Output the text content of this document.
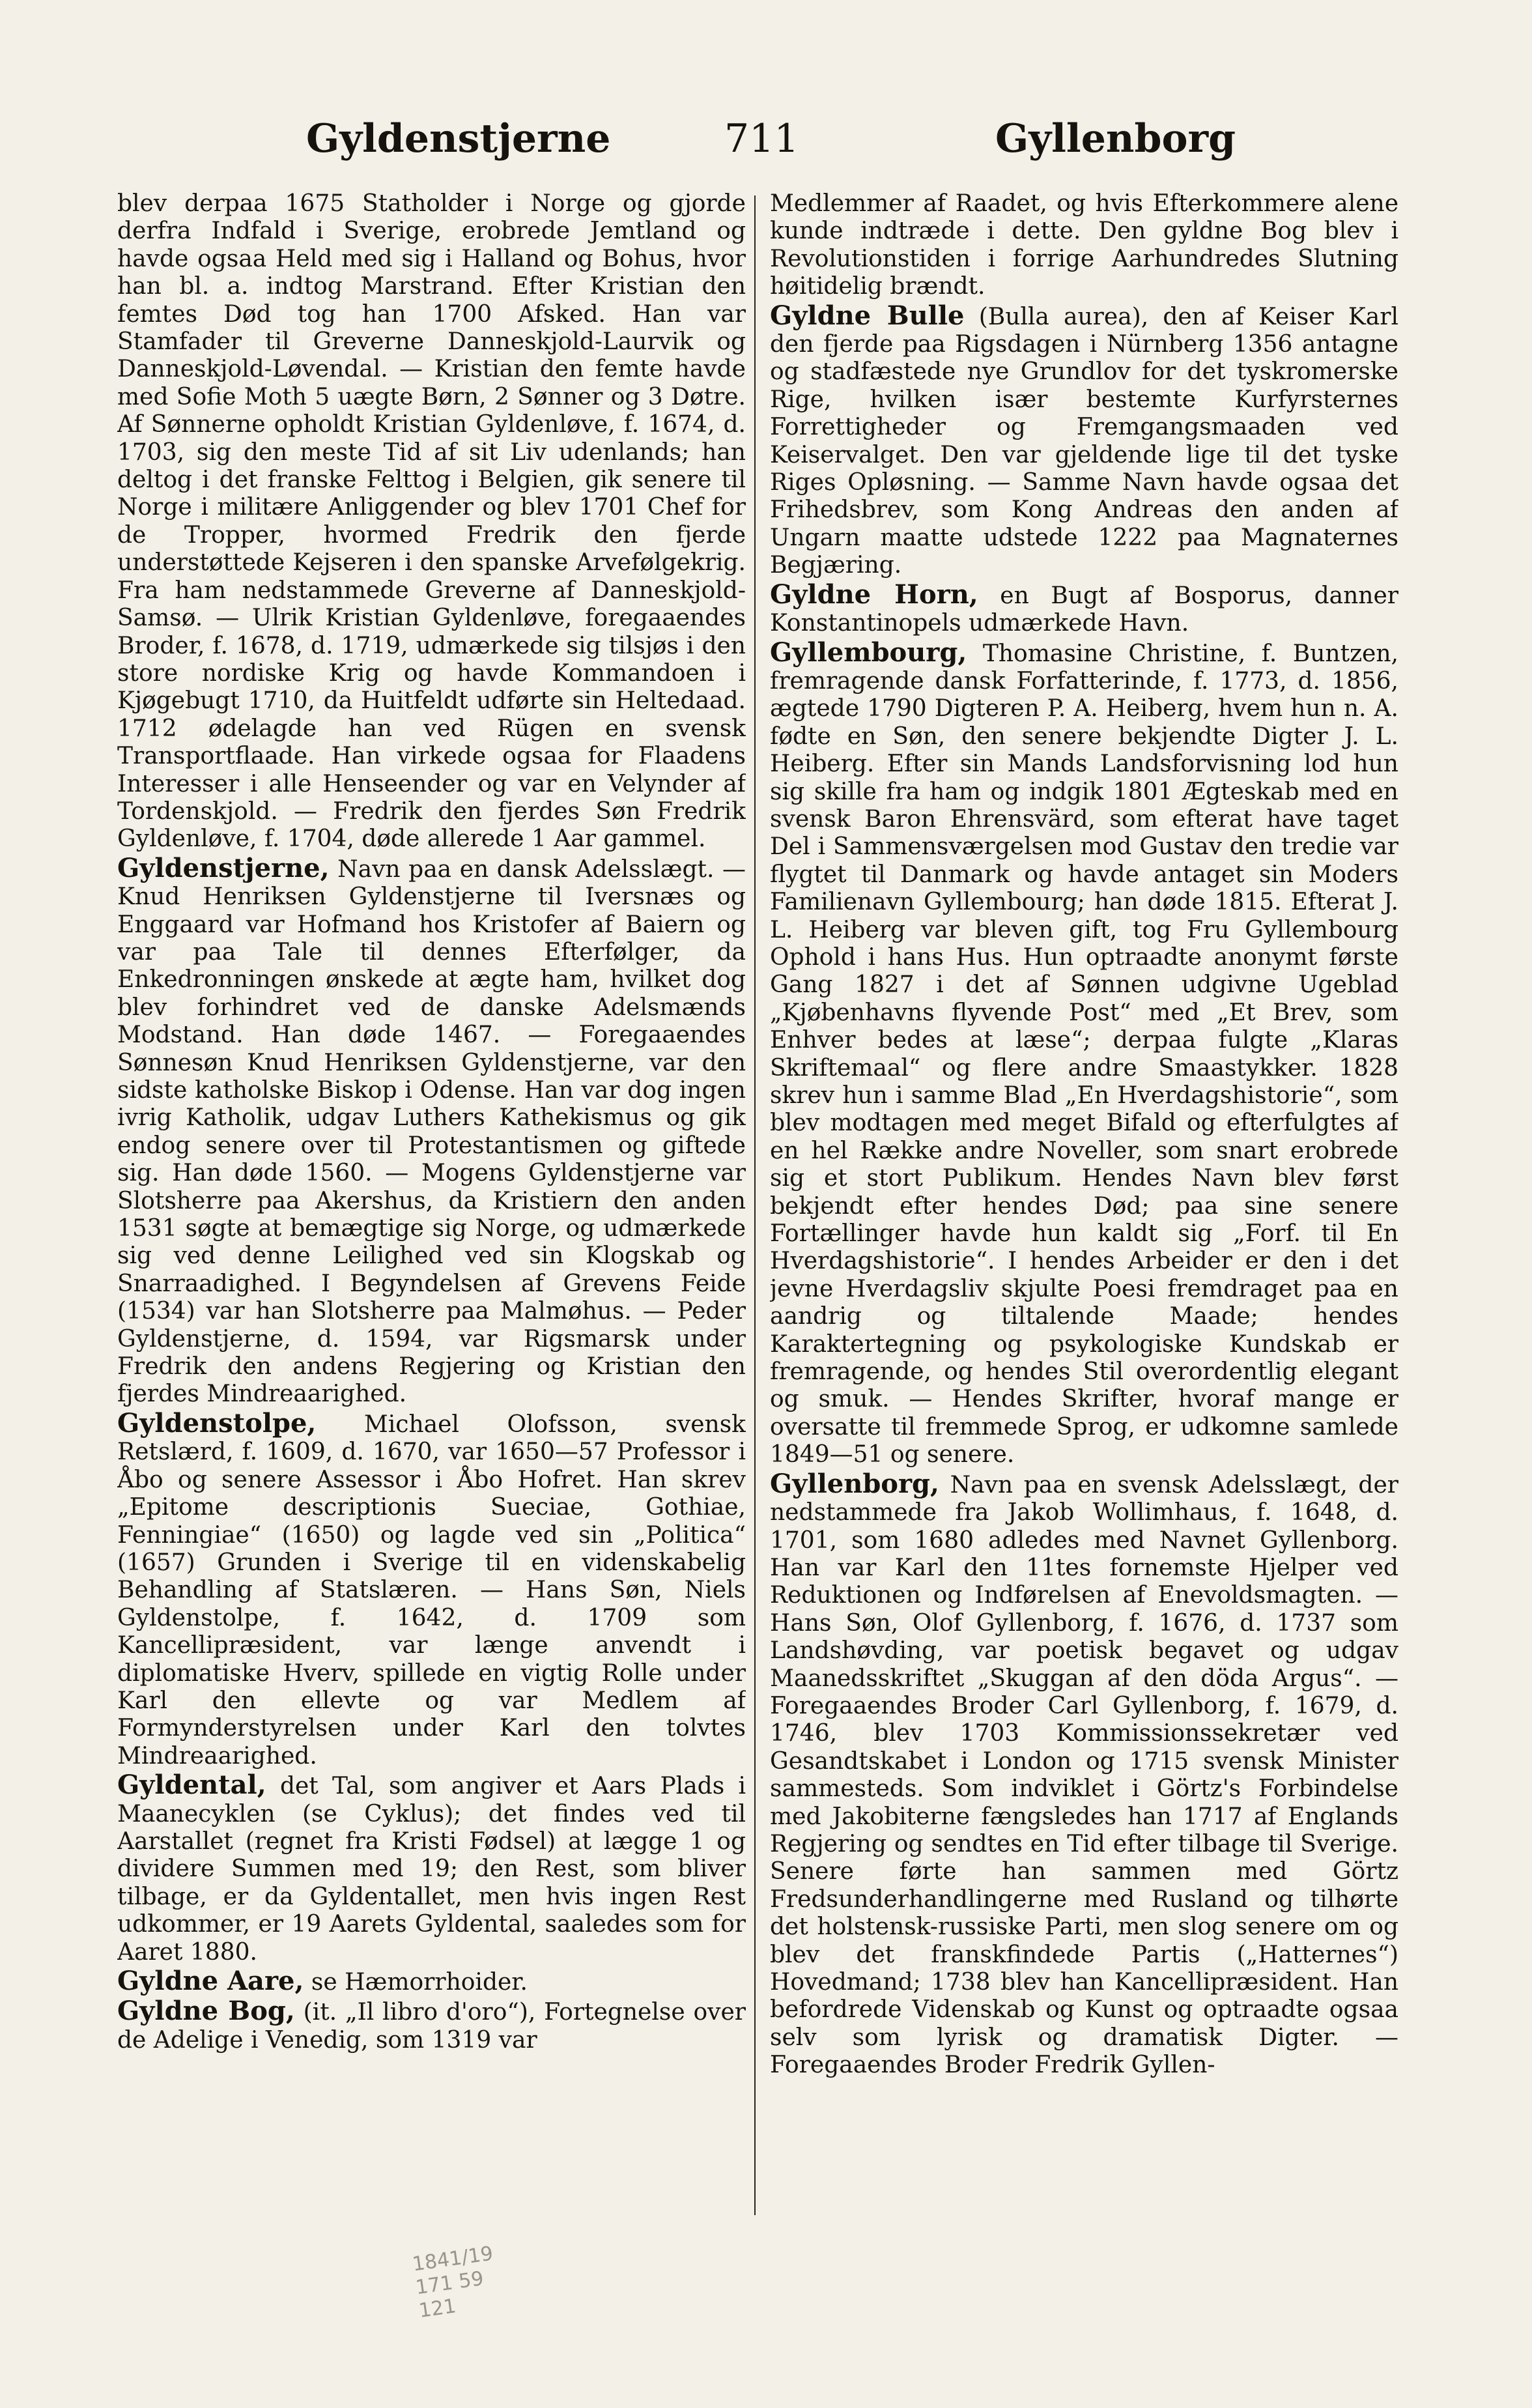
Gyldenstjerne	711	Gyllenborg

blev derpaa 1675 Statholder i Norge og gjorde derfra Indfald i Sverige, erobrede Jemtland og havde ogsaa Held med sig i Halland og Bohus, hvor han bl. a. indtog Marstrand. Efter Kristian den femtes Død tog han 1700 Afsked. Han var Stamfader til Greverne Danneskjold-Laurvik og Danneskjold-Løvendal. — Kristian den femte havde med Sofie Moth 5 uægte Børn, 2 Sønner og 3 Døtre. Af Sønnerne opholdt Kristian Gyldenløve, f. 1674, d. 1703, sig den meste Tid af sit Liv udenlands; han deltog i det franske Felttog i Belgien, gik senere til Norge i militære Anliggender og blev 1701 Chef for de Tropper, hvormed Fredrik den fjerde understøttede Kejseren i den spanske Arvefølgekrig. Fra ham nedstammede Greverne af Danneskjold-Samsø. — Ulrik Kristian Gyldenløve, foregaaendes Broder, f. 1678, d. 1719, udmærkede sig tilsjøs i den store nordiske Krig og havde Kommandoen i Kjøgebugt 1710, da Huitfeldt udførte sin Heltedaad. 1712 ødelagde han ved Rügen en svensk Transportflaade. Han virkede ogsaa for Flaadens Interesser i alle Henseender og var en Velynder af Tordenskjold. — Fredrik den fjerdes Søn Fredrik Gyldenløve, f. 1704, døde allerede 1 Aar gammel.

Gyldenstjerne, Navn paa en dansk Adelsslægt. — Knud Henriksen Gyldenstjerne til Iversnæs og Enggaard var Hofmand hos Kristofer af Baiern og var paa Tale til dennes Efterfølger, da Enkedronningen ønskede at ægte ham, hvilket dog blev forhindret ved de danske Adelsmænds Modstand. Han døde 1467. — Foregaaendes Sønnesøn Knud Henriksen Gyldenstjerne, var den sidste katholske Biskop i Odense. Han var dog ingen ivrig Katholik, udgav Luthers Kathekismus og gik endog senere over til Protestantismen og giftede sig. Han døde 1560. — Mogens Gyldenstjerne var Slotsherre paa Akershus, da Kristiern den anden 1531 søgte at bemægtige sig Norge, og udmærkede sig ved denne Leilighed ved sin Klogskab og Snarraadighed. I Begyndelsen af Grevens Feide (1534) var han Slotsherre paa Malmøhus. — Peder Gyldenstjerne, d. 1594, var Rigsmarsk under Fredrik den andens Regjering og Kristian den fjerdes Mindreaarighed.

Gyldenstolpe, Michael Olofsson, svensk Retslærd, f. 1609, d. 1670, var 1650—57 Professor i Åbo og senere Assessor i Åbo Hofret. Han skrev „Epitome descriptionis Sueciae, Gothiae, Fenningiae“ (1650) og lagde ved sin „Politica“ (1657) Grunden i Sverige til en videnskabelig Behandling af Statslæren. — Hans Søn, Niels Gyldenstolpe, f. 1642, d. 1709 som Kancellipræsident, var længe anvendt i diplomatiske Hverv, spillede en vigtig Rolle under Karl den ellevte og var Medlem af Formynderstyrelsen under Karl den tolvtes Mindreaarighed.

Gyldental, det Tal, som angiver et Aars Plads i Maanecyklen (se Cyklus); det findes ved til Aarstallet (regnet fra Kristi Fødsel) at lægge 1 og dividere Summen med 19; den Rest, som bliver tilbage, er da Gyldentallet, men hvis ingen Rest udkommer, er 19 Aarets Gyldental, saaledes som for Aaret 1880.

Gyldne Aare, se Hæmorrhoider.

Gyldne Bog, (it. „Il libro d'oro“), Fortegnelse over de Adelige i Venedig, som 1319 var

Medlemmer af Raadet, og hvis Efterkommere alene kunde indtræde i dette. Den gyldne Bog blev i Revolutionstiden i forrige Aarhundredes Slutning høitidelig brændt.

Gyldne Bulle (Bulla aurea), den af Keiser Karl den fjerde paa Rigsdagen i Nürnberg 1356 antagne og stadfæstede nye Grundlov for det tyskromerske Rige, hvilken især bestemte Kurfyrsternes Forrettigheder og Fremgangsmaaden ved Keiservalget. Den var gjeldende lige til det tyske Riges Opløsning. — Samme Navn havde ogsaa det Frihedsbrev, som Kong Andreas den anden af Ungarn maatte udstede 1222 paa Magnaternes Begjæring.

Gyldne Horn, en Bugt af Bosporus, danner Konstantinopels udmærkede Havn.

Gyllembourg, Thomasine Christine, f. Buntzen, fremragende dansk Forfatterinde, f. 1773, d. 1856, ægtede 1790 Digteren P. A. Heiberg, hvem hun n. A. fødte en Søn, den senere bekjendte Digter J. L. Heiberg. Efter sin Mands Landsforvisning lod hun sig skille fra ham og indgik 1801 Ægteskab med en svensk Baron Ehrensvärd, som efterat have taget Del i Sammensværgelsen mod Gustav den tredie var flygtet til Danmark og havde antaget sin Moders Familienavn Gyllembourg; han døde 1815. Efterat J. L. Heiberg var bleven gift, tog Fru Gyllembourg Ophold i hans Hus. Hun optraadte anonymt første Gang 1827 i det af Sønnen udgivne Ugeblad „Kjøbenhavns flyvende Post“ med „Et Brev, som Enhver bedes at læse“; derpaa fulgte „Klaras Skriftemaal“ og flere andre Smaastykker. 1828 skrev hun i samme Blad „En Hverdagshistorie“, som blev modtagen med meget Bifald og efterfulgtes af en hel Række andre Noveller, som snart erobrede sig et stort Publikum. Hendes Navn blev først bekjendt efter hendes Død; paa sine senere Fortællinger havde hun kaldt sig „Forf. til En Hverdagshistorie“. I hendes Arbeider er den i det jevne Hverdagsliv skjulte Poesi fremdraget paa en aandrig og tiltalende Maade; hendes Karaktertegning og psykologiske Kundskab er fremragende, og hendes Stil overordentlig elegant og smuk. — Hendes Skrifter, hvoraf mange er oversatte til fremmede Sprog, er udkomne samlede 1849—51 og senere.

Gyllenborg, Navn paa en svensk Adelsslægt, der nedstammede fra Jakob Wollimhaus, f. 1648, d. 1701, som 1680 adledes med Navnet Gyllenborg. Han var Karl den 11tes fornemste Hjelper ved Reduktionen og Indførelsen af Enevoldsmagten. — Hans Søn, Olof Gyllenborg, f. 1676, d. 1737 som Landshøvding, var poetisk begavet og udgav Maanedsskriftet „Skuggan af den döda Argus“. — Foregaaendes Broder Carl Gyllenborg, f. 1679, d. 1746, blev 1703 Kommissionssekretær ved Gesandtskabet i London og 1715 svensk Minister sammesteds. Som indviklet i Görtz's Forbindelse med Jakobiterne fængsledes han 1717 af Englands Regjering og sendtes en Tid efter tilbage til Sverige. Senere førte han sammen med Görtz Fredsunderhandlingerne med Rusland og tilhørte det holstensk-russiske Parti, men slog senere om og blev det franskfindede Partis („Hatternes“) Hovedmand; 1738 blev han Kancellipræsident. Han befordrede Videnskab og Kunst og optraadte ogsaa selv som lyrisk og dramatisk Digter. — Foregaaendes Broder Fredrik Gyllen-

1841/19
171 59
121
